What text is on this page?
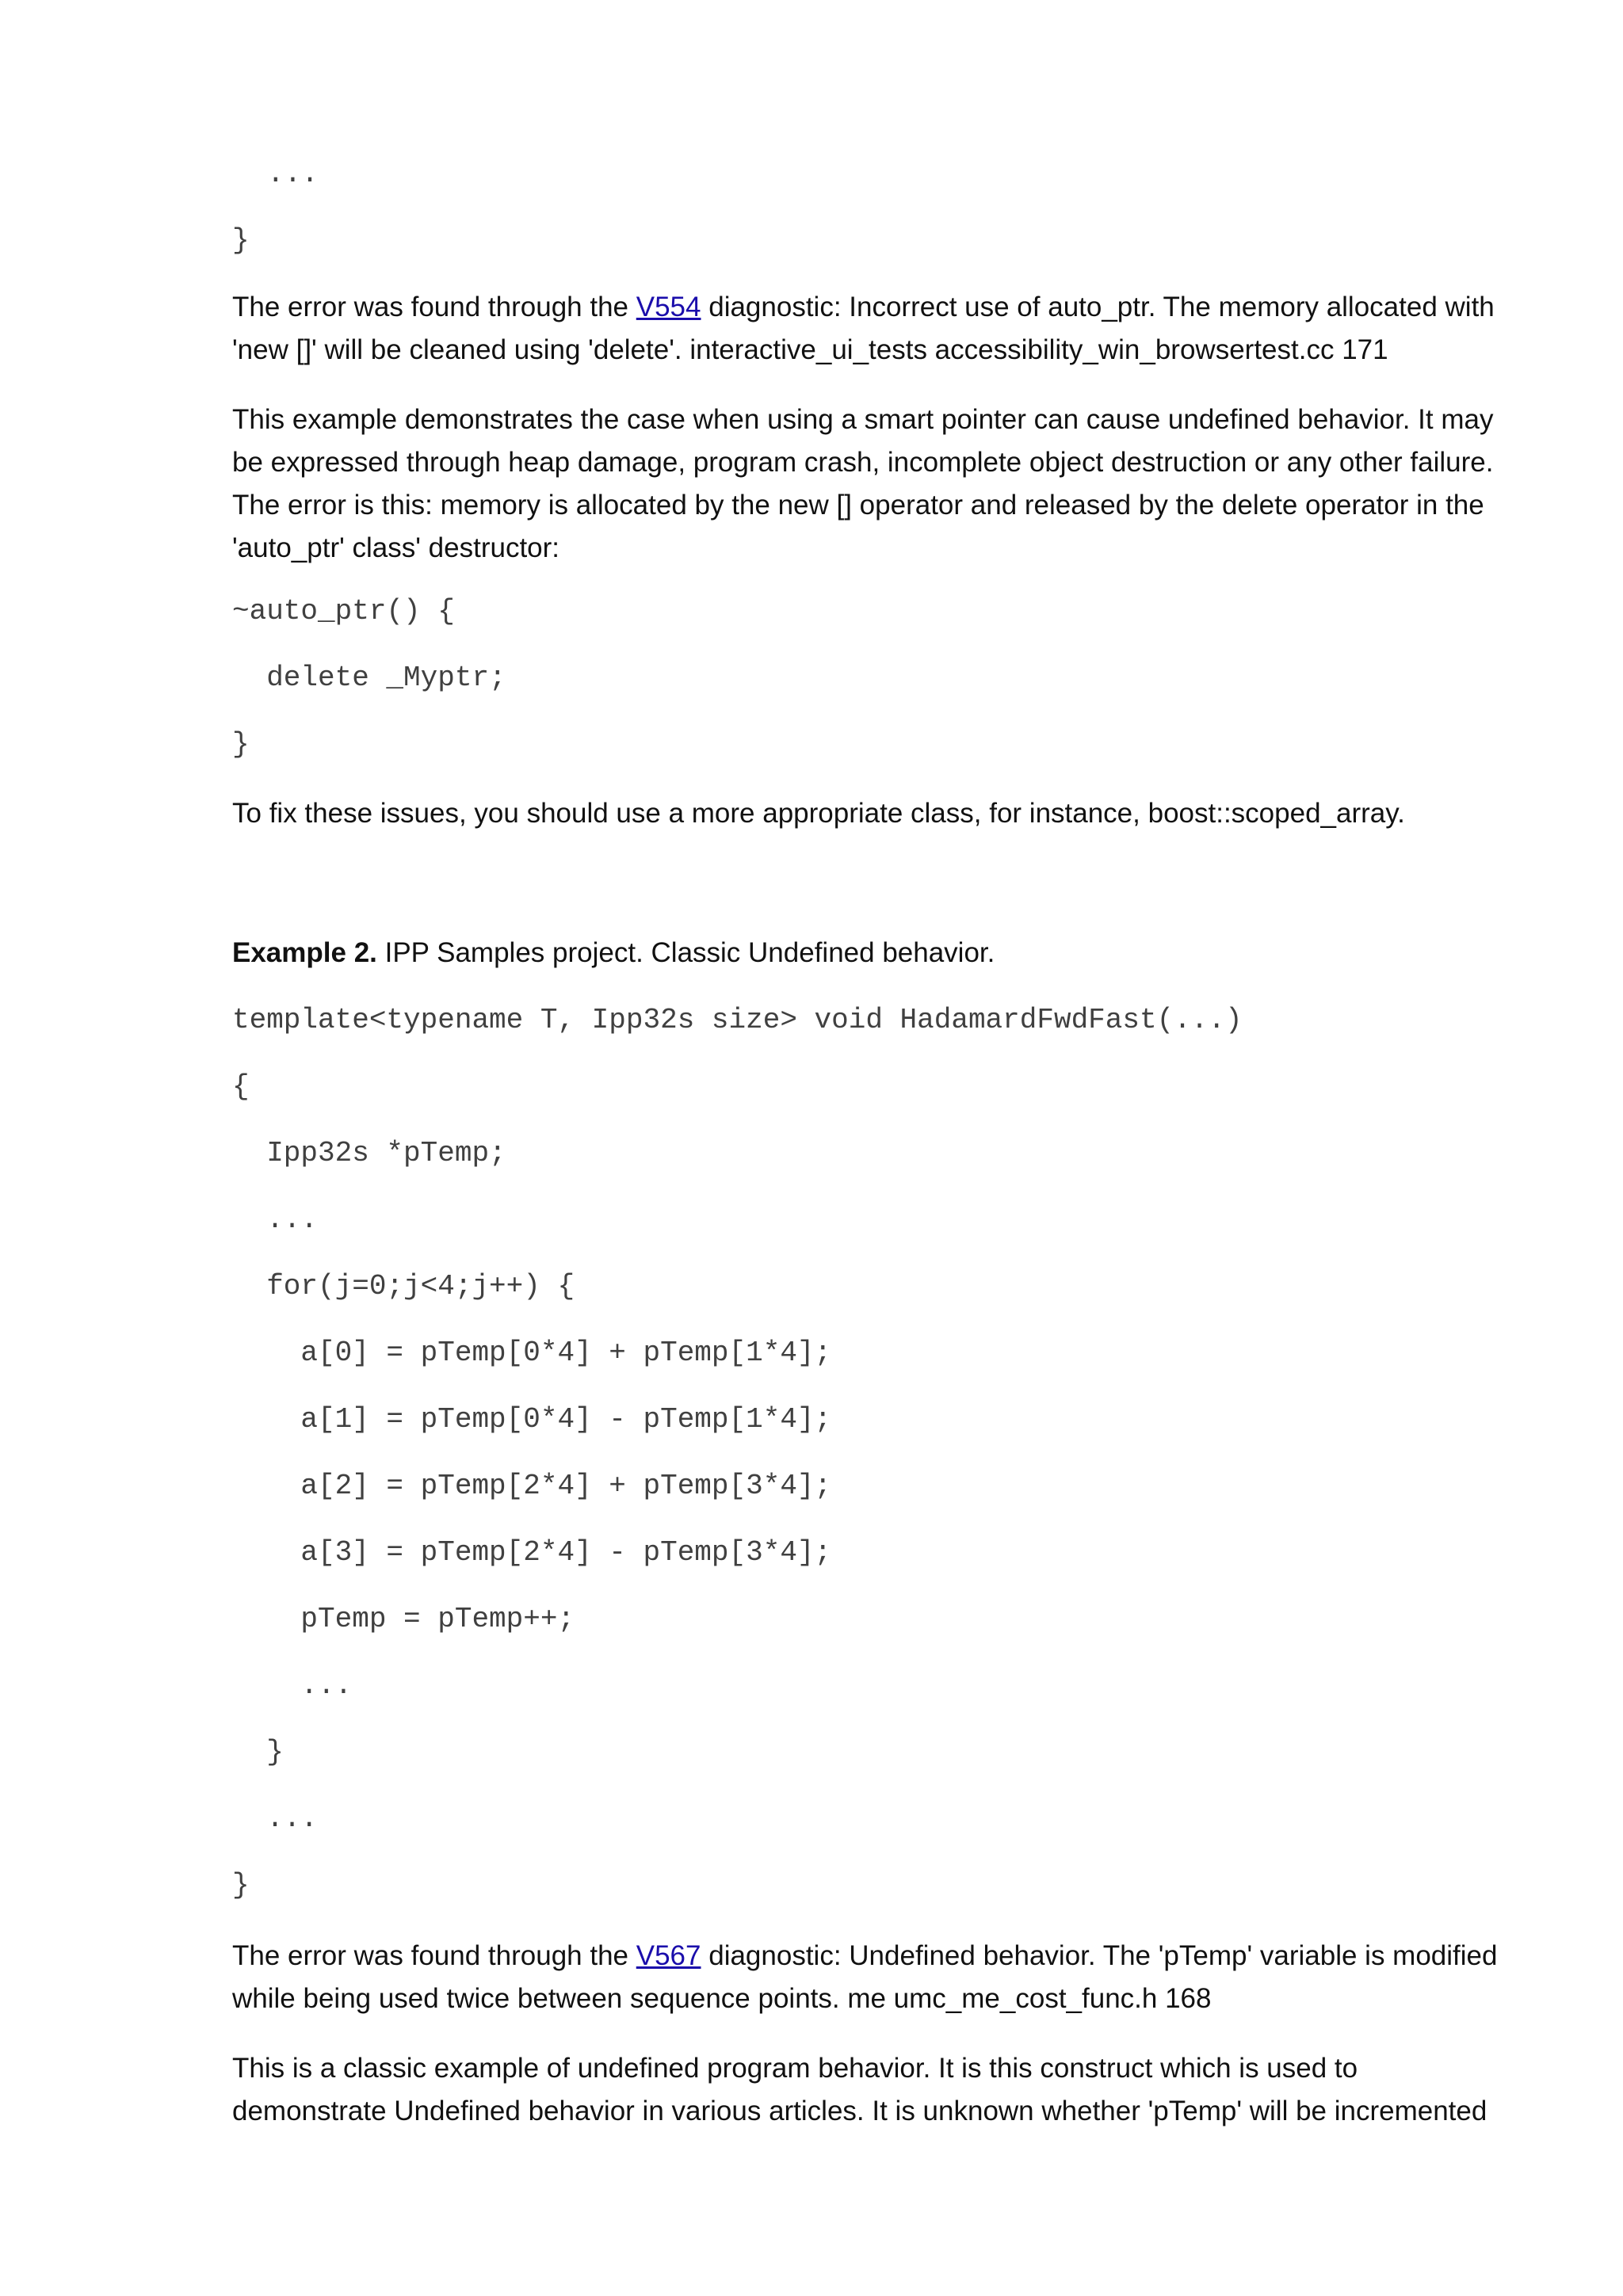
...
}
The error was found through the V554 diagnostic: Incorrect use of auto_ptr. The memory allocated with 'new []' will be cleaned using 'delete'. interactive_ui_tests accessibility_win_browsertest.cc 171
This example demonstrates the case when using a smart pointer can cause undefined behavior. It may be expressed through heap damage, program crash, incomplete object destruction or any other failure. The error is this: memory is allocated by the new [] operator and released by the delete operator in the 'auto_ptr' class' destructor:
~auto_ptr() {
delete _Myptr;
}
To fix these issues, you should use a more appropriate class, for instance, boost::scoped_array.
Example 2. IPP Samples project. Classic Undefined behavior.
template<typename T, Ipp32s size> void HadamardFwdFast(...)
{
Ipp32s *pTemp;
...
for(j=0;j<4;j++) {
a[0] = pTemp[0*4] + pTemp[1*4];
a[1] = pTemp[0*4] - pTemp[1*4];
a[2] = pTemp[2*4] + pTemp[3*4];
a[3] = pTemp[2*4] - pTemp[3*4];
pTemp = pTemp++;
...
}
...
}
The error was found through the V567 diagnostic: Undefined behavior. The 'pTemp' variable is modified while being used twice between sequence points. me umc_me_cost_func.h 168
This is a classic example of undefined program behavior. It is this construct which is used to demonstrate Undefined behavior in various articles. It is unknown whether 'pTemp' will be incremented
